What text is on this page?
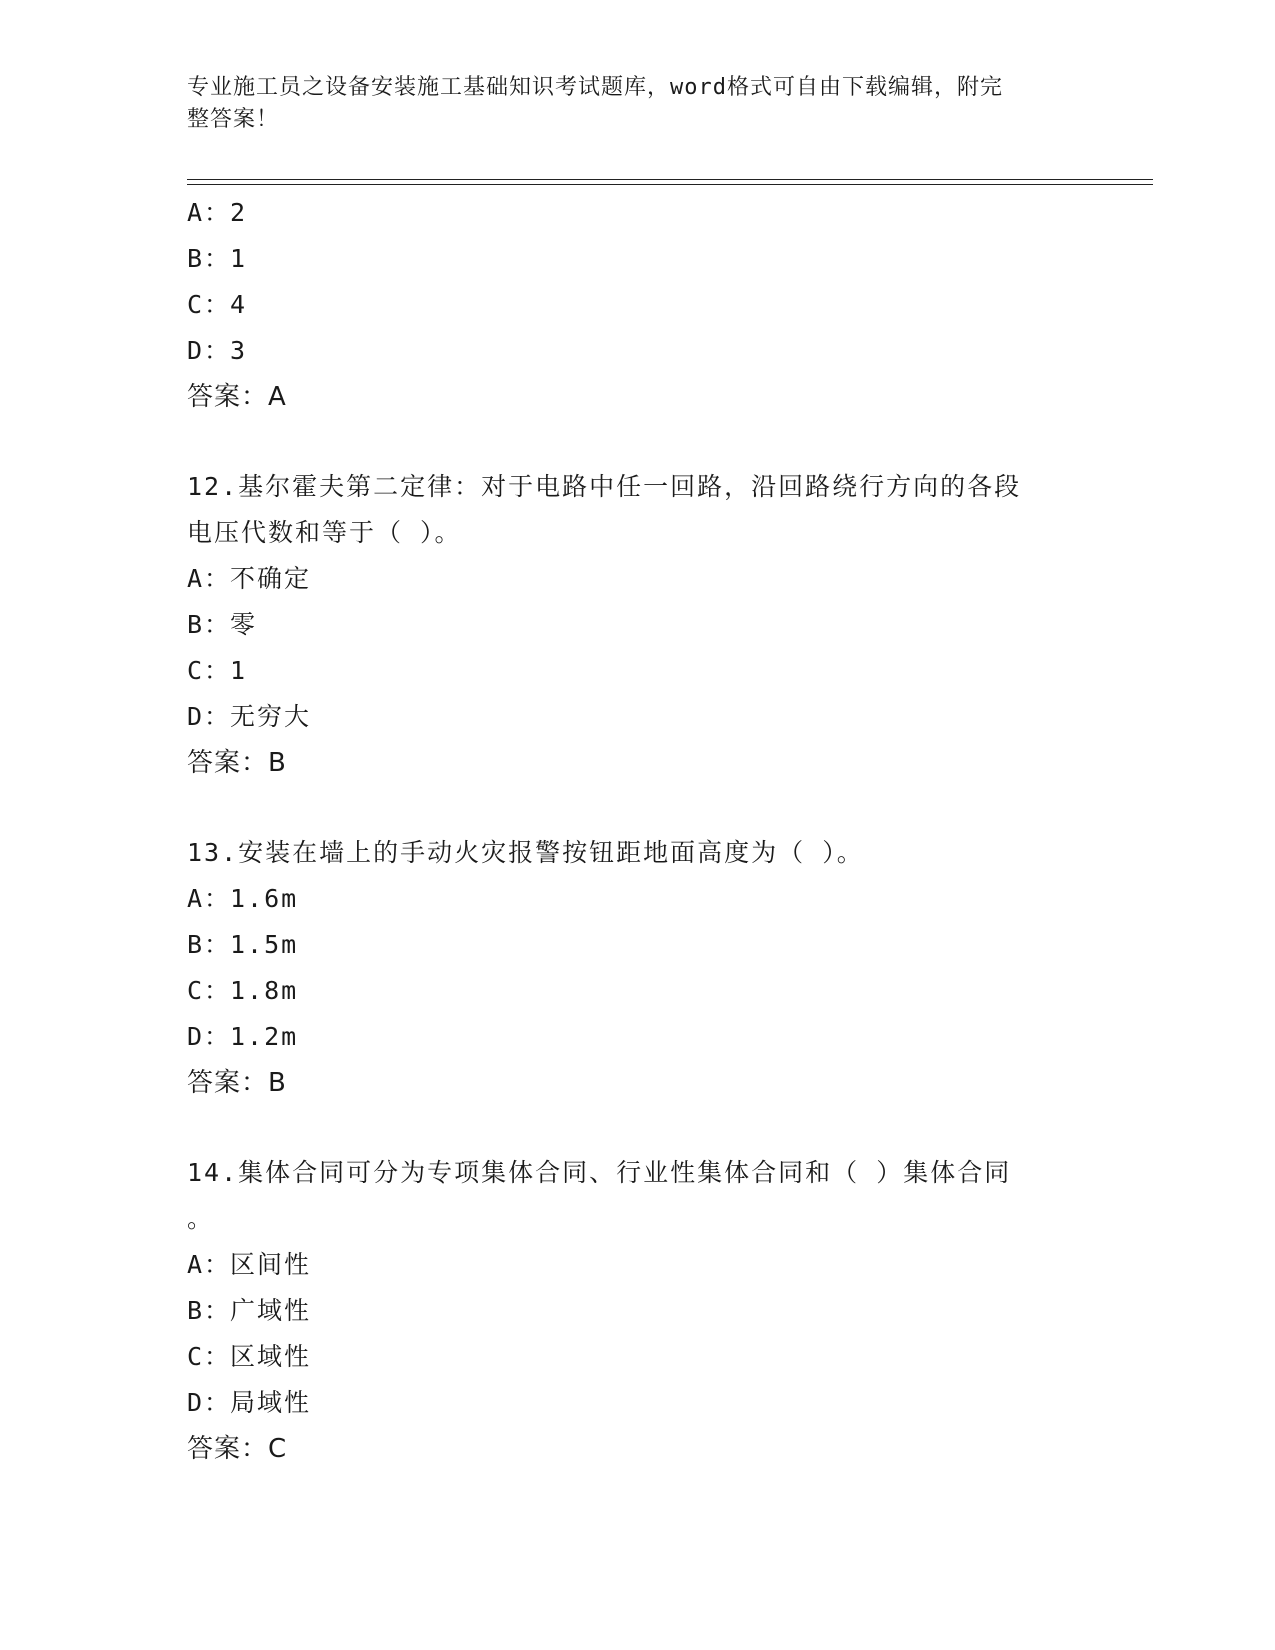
专业施工员之设备安装施工基础知识考试题库，word格式可自由下载编辑，附完
整答案！
A：2
B：1
C：4
D：3
答案：A
12.基尔霍夫第二定律：对于电路中任一回路，沿回路绕行方向的各段
电压代数和等于（ ）。
A：不确定
B：零
C：1
D：无穷大
答案：B
13.安装在墙上的手动火灾报警按钮距地面高度为（ ）。
A：1.6m
B：1.5m
C：1.8m
D：1.2m
答案：B
14.集体合同可分为专项集体合同、行业性集体合同和（ ）集体合同
。
A：区间性
B：广域性
C：区域性
D：局域性
答案：C
